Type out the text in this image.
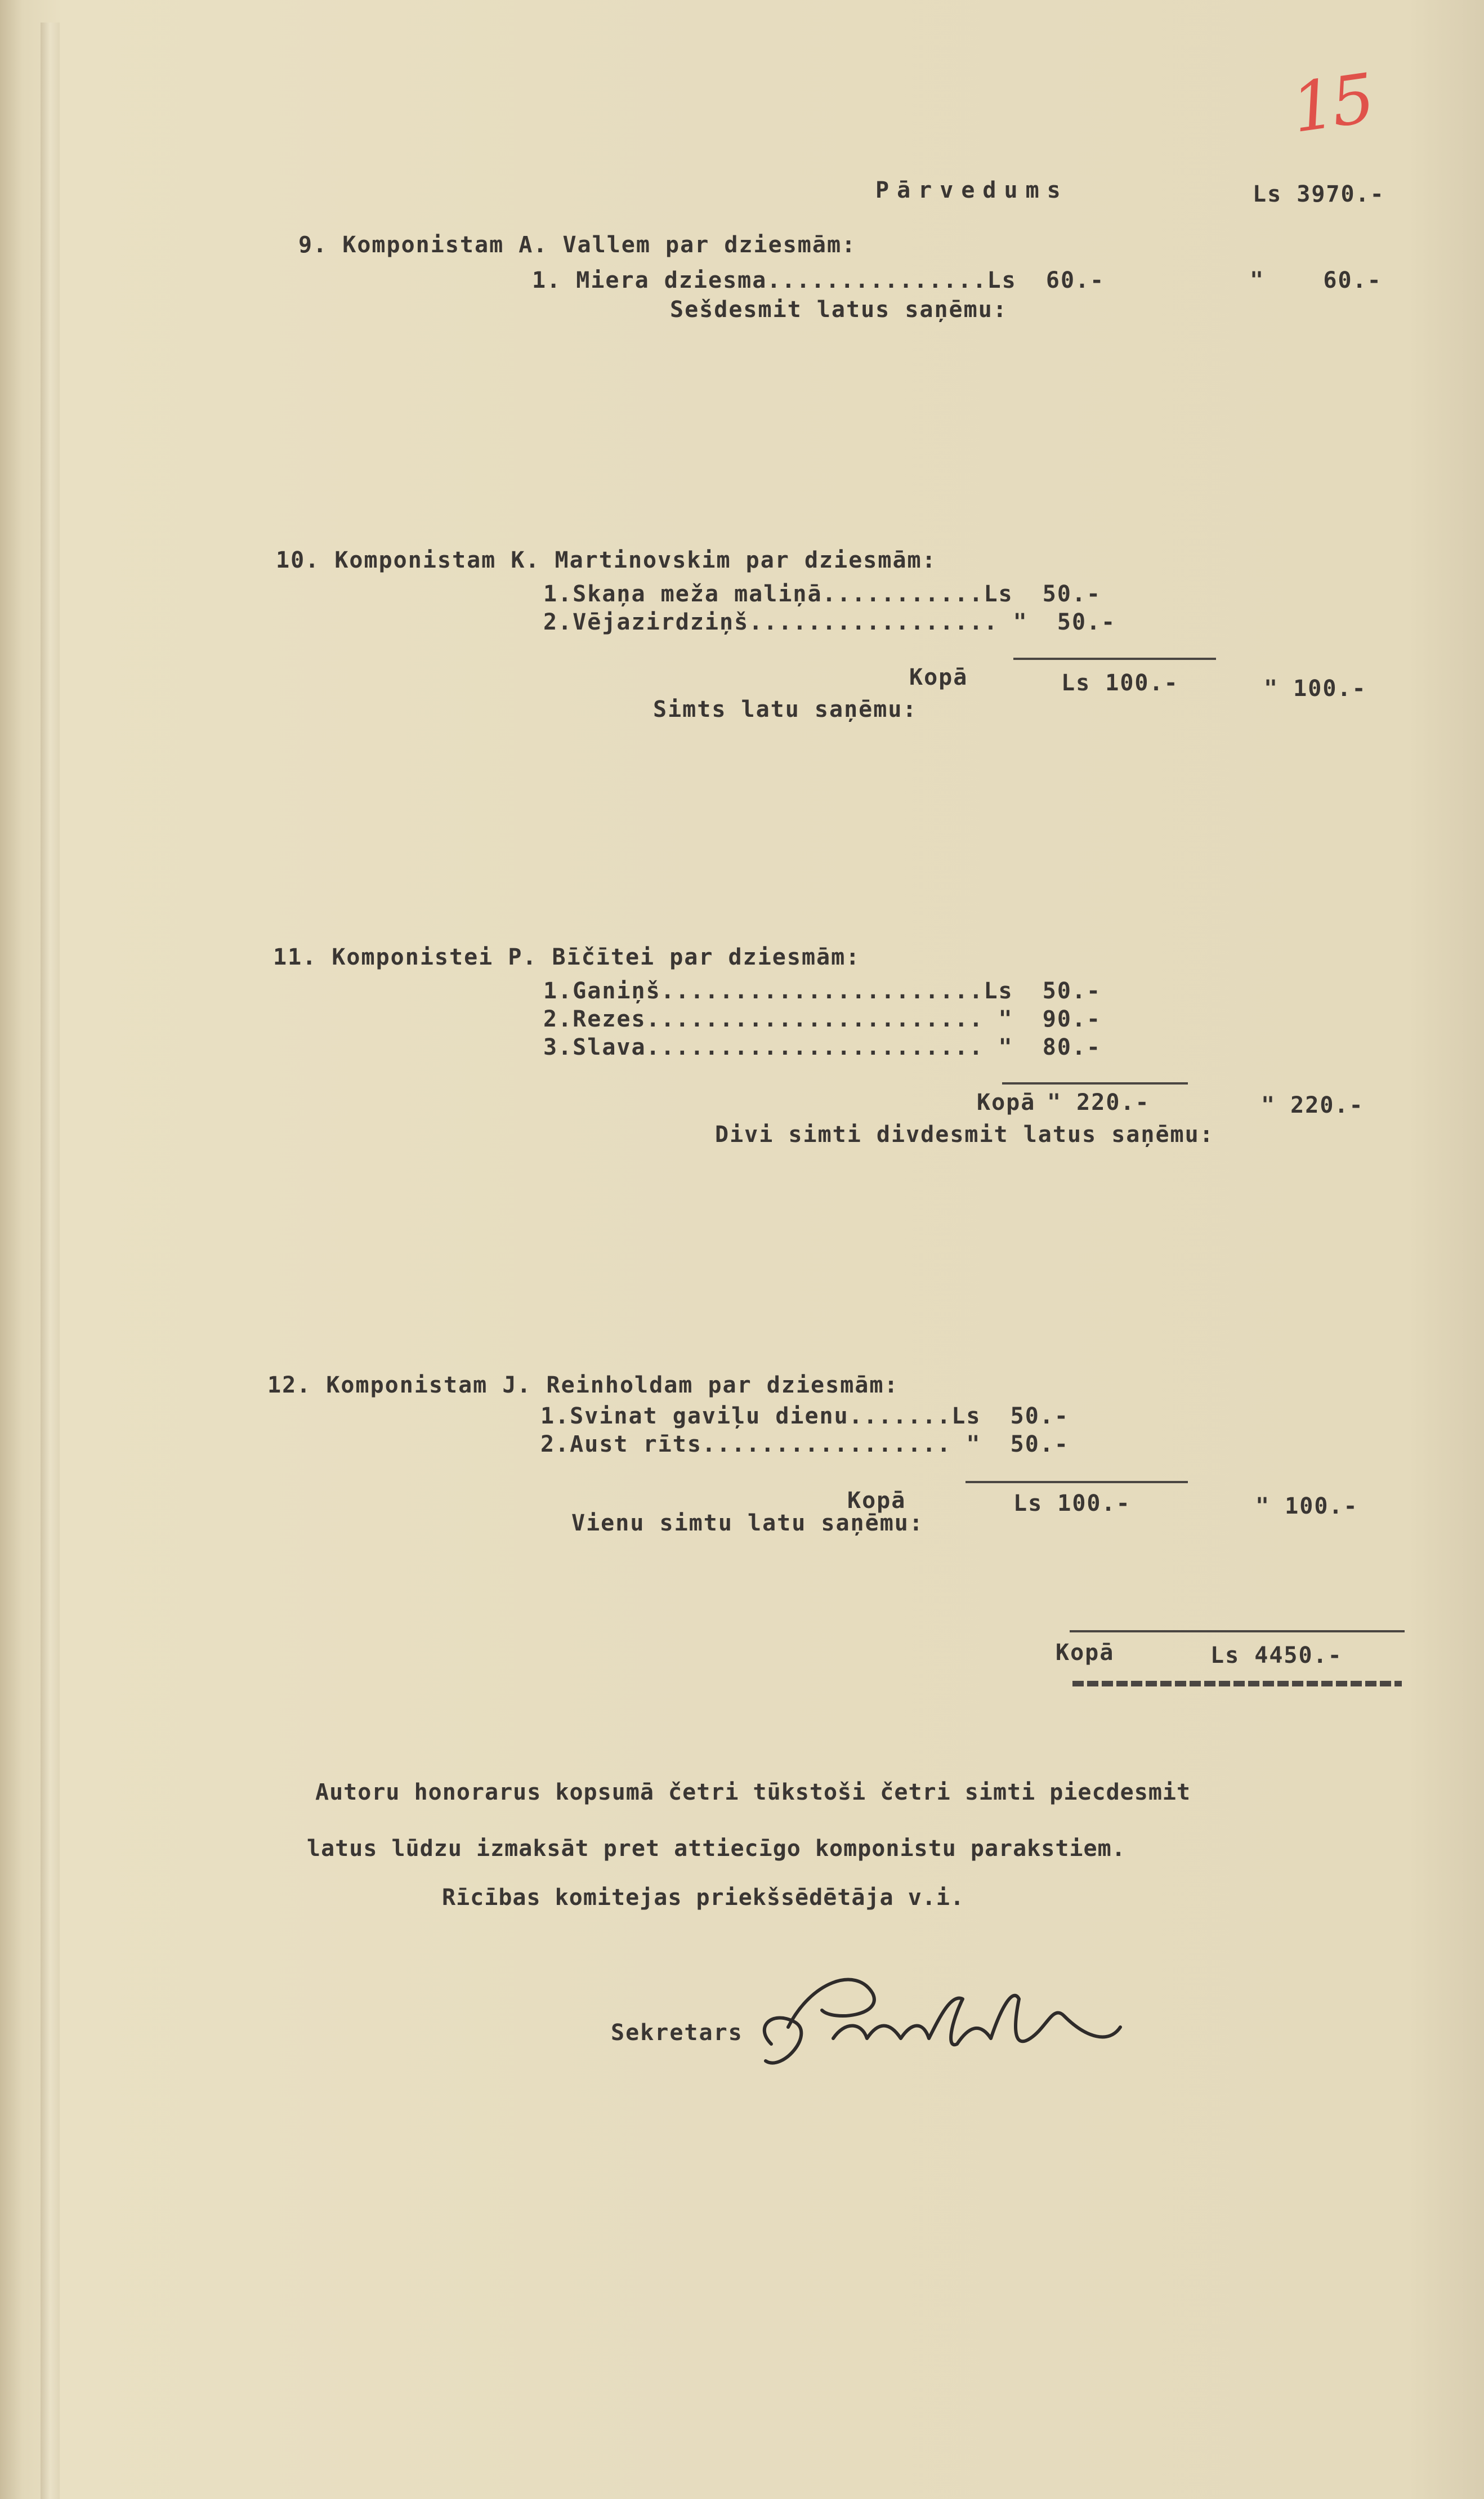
15
Pārvedums	Ls 3970.-
9. Komponistam A. Vallem par dziesmām:
1. Miera dziesma...............Ls  60.-	"    60.-
Sešdesmit latus saņēmu:
10. Komponistam K. Martinovskim par dziesmām:
1.Skaņa meža maliņā...........Ls  50.-
2.Vējazirdziņš................. "  50.-
Kopā	Ls 100.-	" 100.-
Simts latu saņēmu:
11. Komponistei P. Bīčītei par dziesmām:
1.Ganiņš......................Ls  50.-
2.Rezes....................... "  90.-
3.Slava....................... "  80.-
Kopā " 220.-	" 220.-
Divi simti divdesmit latus saņēmu:
12. Komponistam J. Reinholdam par dziesmām:
1.Svinat gaviļu dienu.......Ls  50.-
2.Aust rīts................. "  50.-
Kopā	Ls 100.-	" 100.-
Vienu simtu latu saņēmu:
Kopā	Ls 4450.-
Autoru honorarus kopsumā četri tūkstoši četri simti piecdesmit
latus lūdzu izmaksāt pret attiecīgo komponistu parakstiem.
Rīcības komitejas priekšsēdētāja v.i.
Sekretars
